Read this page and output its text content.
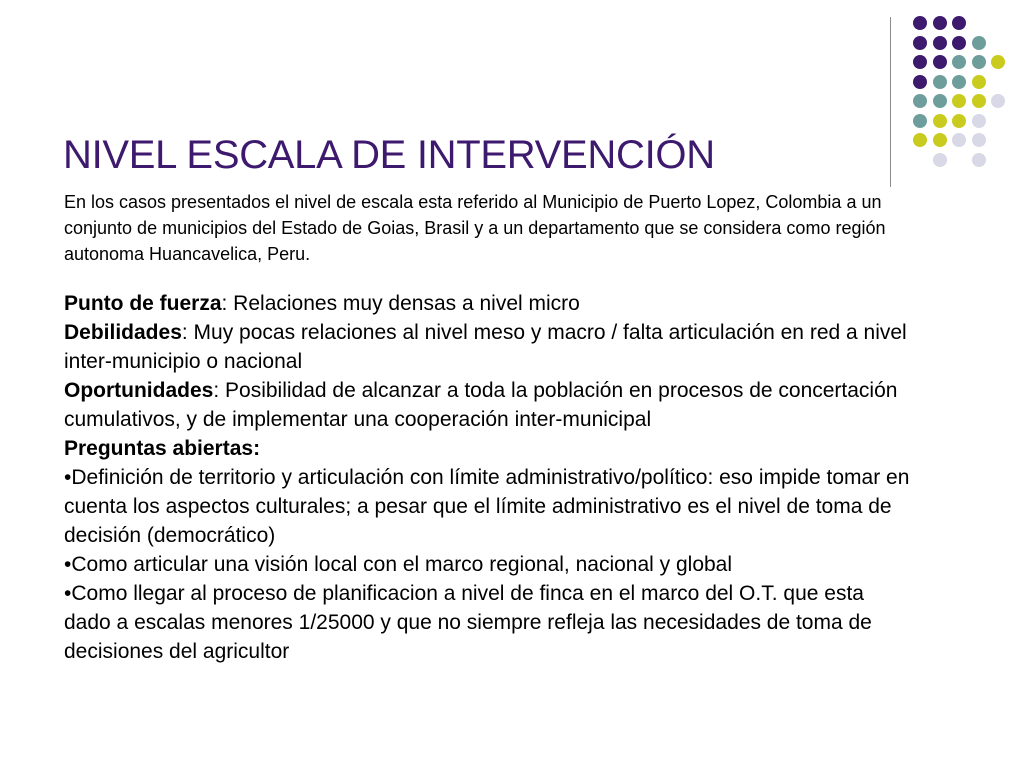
NIVEL ESCALA DE INTERVENCIÓN

En los casos presentados el nivel de escala esta referido al Municipio de Puerto Lopez, Colombia a un conjunto de municipios del Estado de Goias, Brasil y a un departamento que se considera como región autonoma Huancavelica, Peru.

Punto de fuerza: Relaciones muy densas a nivel micro

Debilidades: Muy pocas relaciones al nivel meso y macro / falta articulación en red a nivel inter-municipio o nacional

Oportunidades: Posibilidad de alcanzar a toda la población en procesos de concertación cumulativos, y de implementar una cooperación inter-municipal

Preguntas abiertas:

•Definición de territorio y articulación con límite administrativo/político: eso impide tomar en cuenta los aspectos culturales; a pesar que el límite administrativo es el nivel de toma de decisión (democrático)

•Como articular una visión local con el marco regional, nacional y global

•Como llegar al proceso de planificacion a nivel de finca en el marco del O.T. que esta dado a escalas menores 1/25000 y que no siempre refleja las necesidades de toma de decisiones del agricultor
